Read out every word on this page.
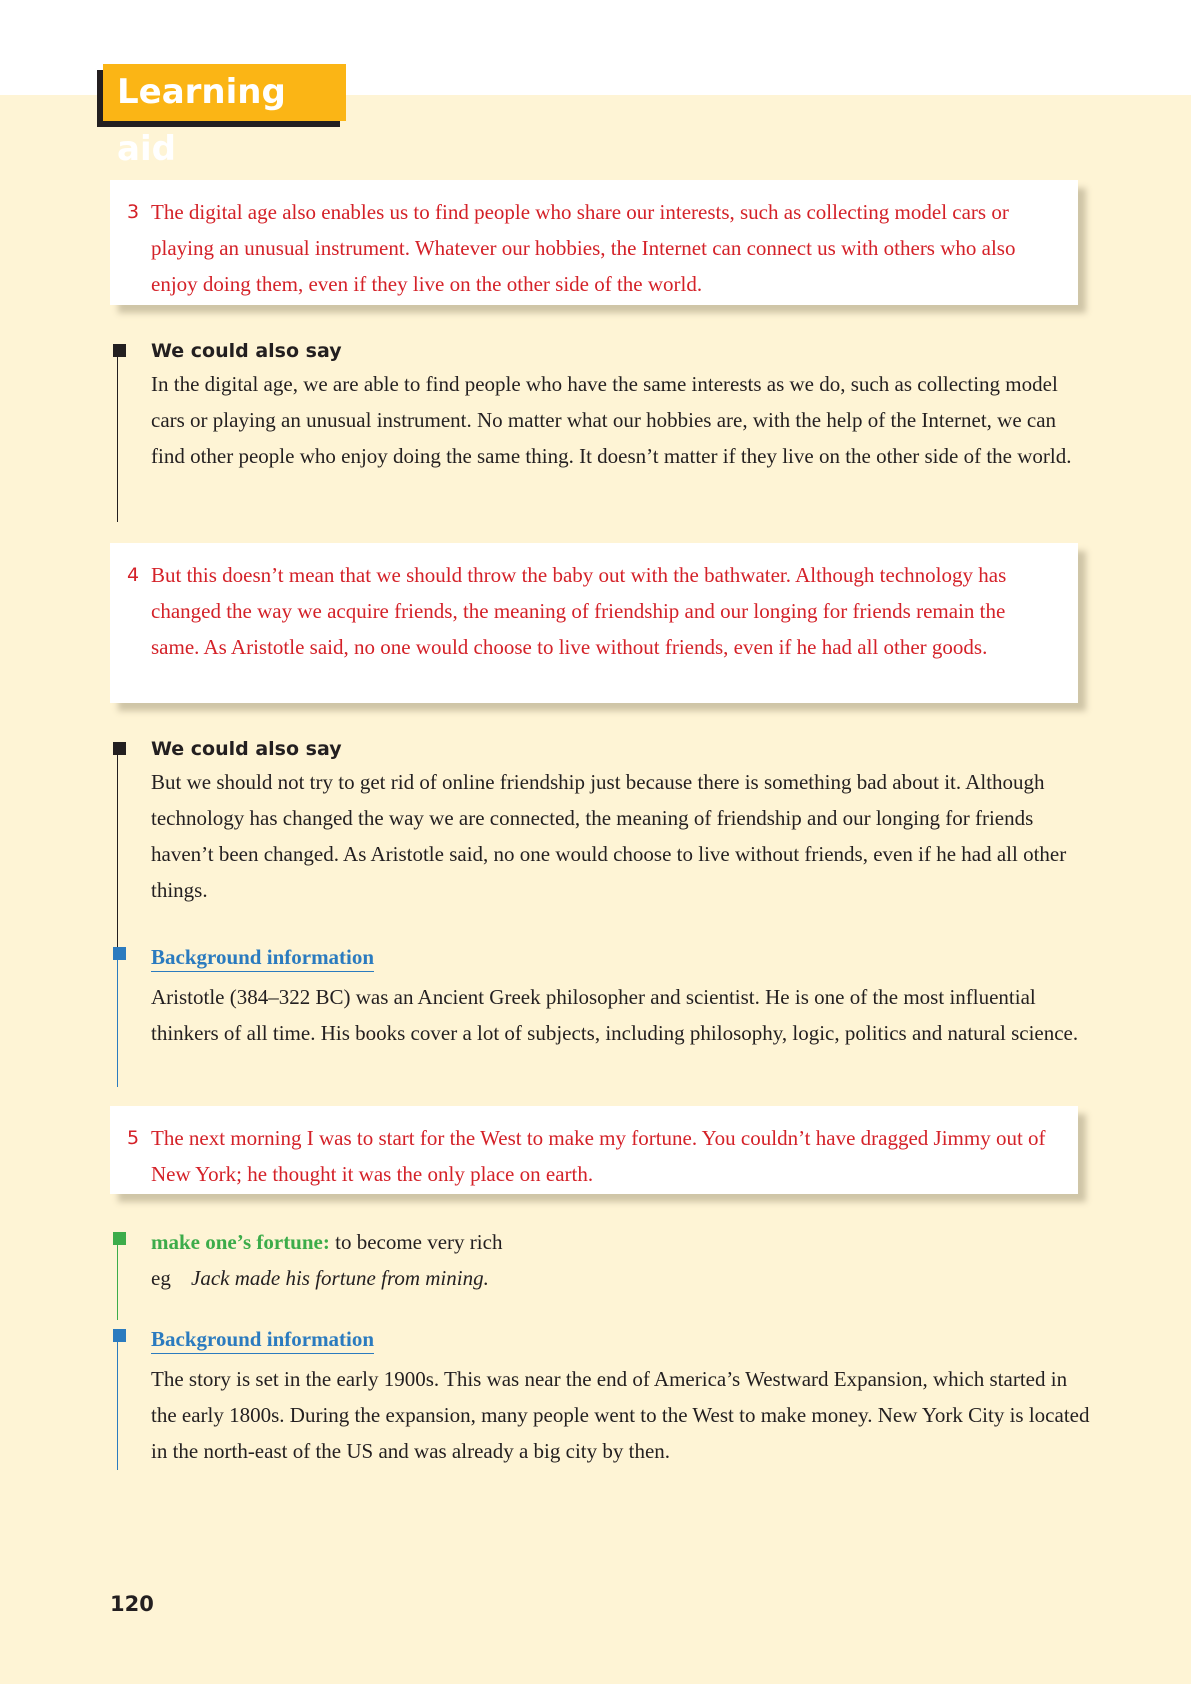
Learning aid
3 The digital age also enables us to find people who share our interests, such as collecting model cars or playing an unusual instrument. Whatever our hobbies, the Internet can connect us with others who also enjoy doing them, even if they live on the other side of the world.

We could also say

In the digital age, we are able to find people who have the same interests as we do, such as collecting model cars or playing an unusual instrument. No matter what our hobbies are, with the help of the Internet, we can find other people who enjoy doing the same thing. It doesn’t matter if they live on the other side of the world.

4 But this doesn’t mean that we should throw the baby out with the bathwater. Although technology has changed the way we acquire friends, the meaning of friendship and our longing for friends remain the same. As Aristotle said, no one would choose to live without friends, even if he had all other goods.

We could also say

But we should not try to get rid of online friendship just because there is something bad about it. Although technology has changed the way we are connected, the meaning of friendship and our longing for friends haven’t been changed. As Aristotle said, no one would choose to live without friends, even if he had all other things.

Background information

Aristotle (384–322 BC) was an Ancient Greek philosopher and scientist. He is one of the most influential thinkers of all time. His books cover a lot of subjects, including philosophy, logic, politics and natural science.

5 The next morning I was to start for the West to make my fortune. You couldn’t have dragged Jimmy out of New York; he thought it was the only place on earth.

make one’s fortune: to become very rich

eg Jack made his fortune from mining.

Background information

The story is set in the early 1900s. This was near the end of America’s Westward Expansion, which started in the early 1800s. During the expansion, many people went to the West to make money. New York City is located in the north-east of the US and was already a big city by then.

120
